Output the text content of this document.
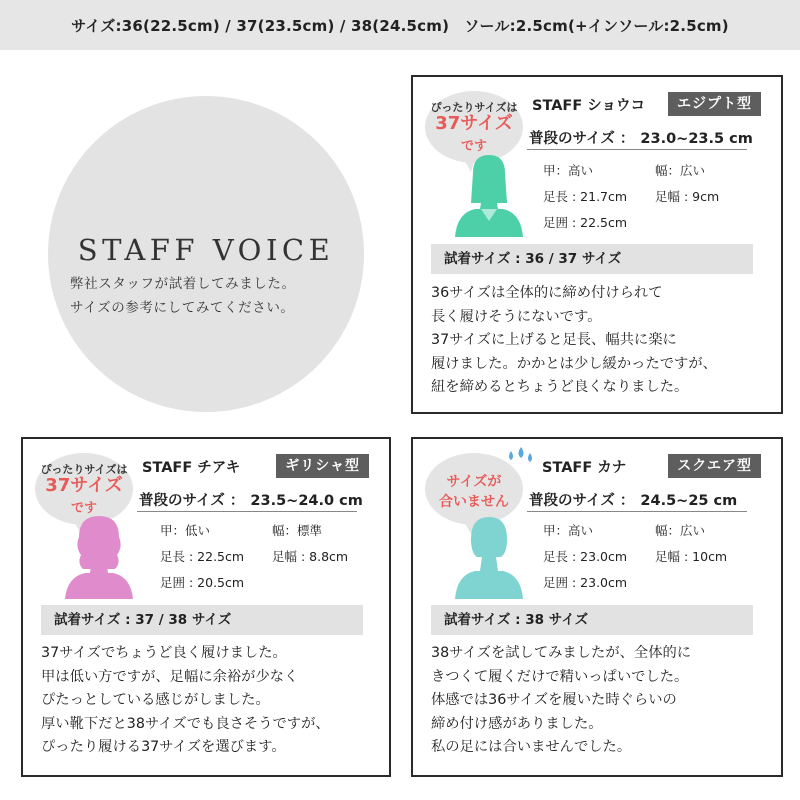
サイズ:36(22.5cm) / 37(23.5cm) / 38(24.5cm)　ソール:2.5cm(+インソール:2.5cm)
STAFF VOICE
弊社スタッフが試着してみました。
サイズの参考にしてみてください。
ぴったりサイズは
37サイズ
です
STAFF ショウコ	エジプト型
普段のサイズ ： 23.0~23.5 cm
甲：高い	幅：広い
足長 : 21.7cm 足幅 : 9cm
足囲 : 22.5cm
試着サイズ : 36 / 37 サイズ
36サイズは全体的に締め付けられて
長く履けそうにないです。
37サイズに上げると足長、幅共に楽に
履けました。かかとは少し緩かったですが、
紐を締めるとちょうど良くなりました。
ぴったりサイズは
37サイズ
です
STAFF チアキ	ギリシャ型
普段のサイズ ： 23.5~24.0 cm
甲：低い	幅：標準
足長 : 22.5cm 足幅 : 8.8cm
足囲 : 20.5cm
試着サイズ : 37 / 38 サイズ
37サイズでちょうど良く履けました。
甲は低い方ですが、足幅に余裕が少なく
ぴたっとしている感じがしました。
厚い靴下だと38サイズでも良さそうですが、
ぴったり履ける37サイズを選びます。
サイズが
合いません
STAFF カナ	スクエア型
普段のサイズ ： 24.5~25 cm
甲：高い	幅：広い
足長 : 23.0cm 足幅 : 10cm
足囲 : 23.0cm
試着サイズ : 38 サイズ
38サイズを試してみましたが、全体的に
きつくて履くだけで精いっぱいでした。
体感では36サイズを履いた時ぐらいの
締め付け感がありました。
私の足には合いませんでした。
